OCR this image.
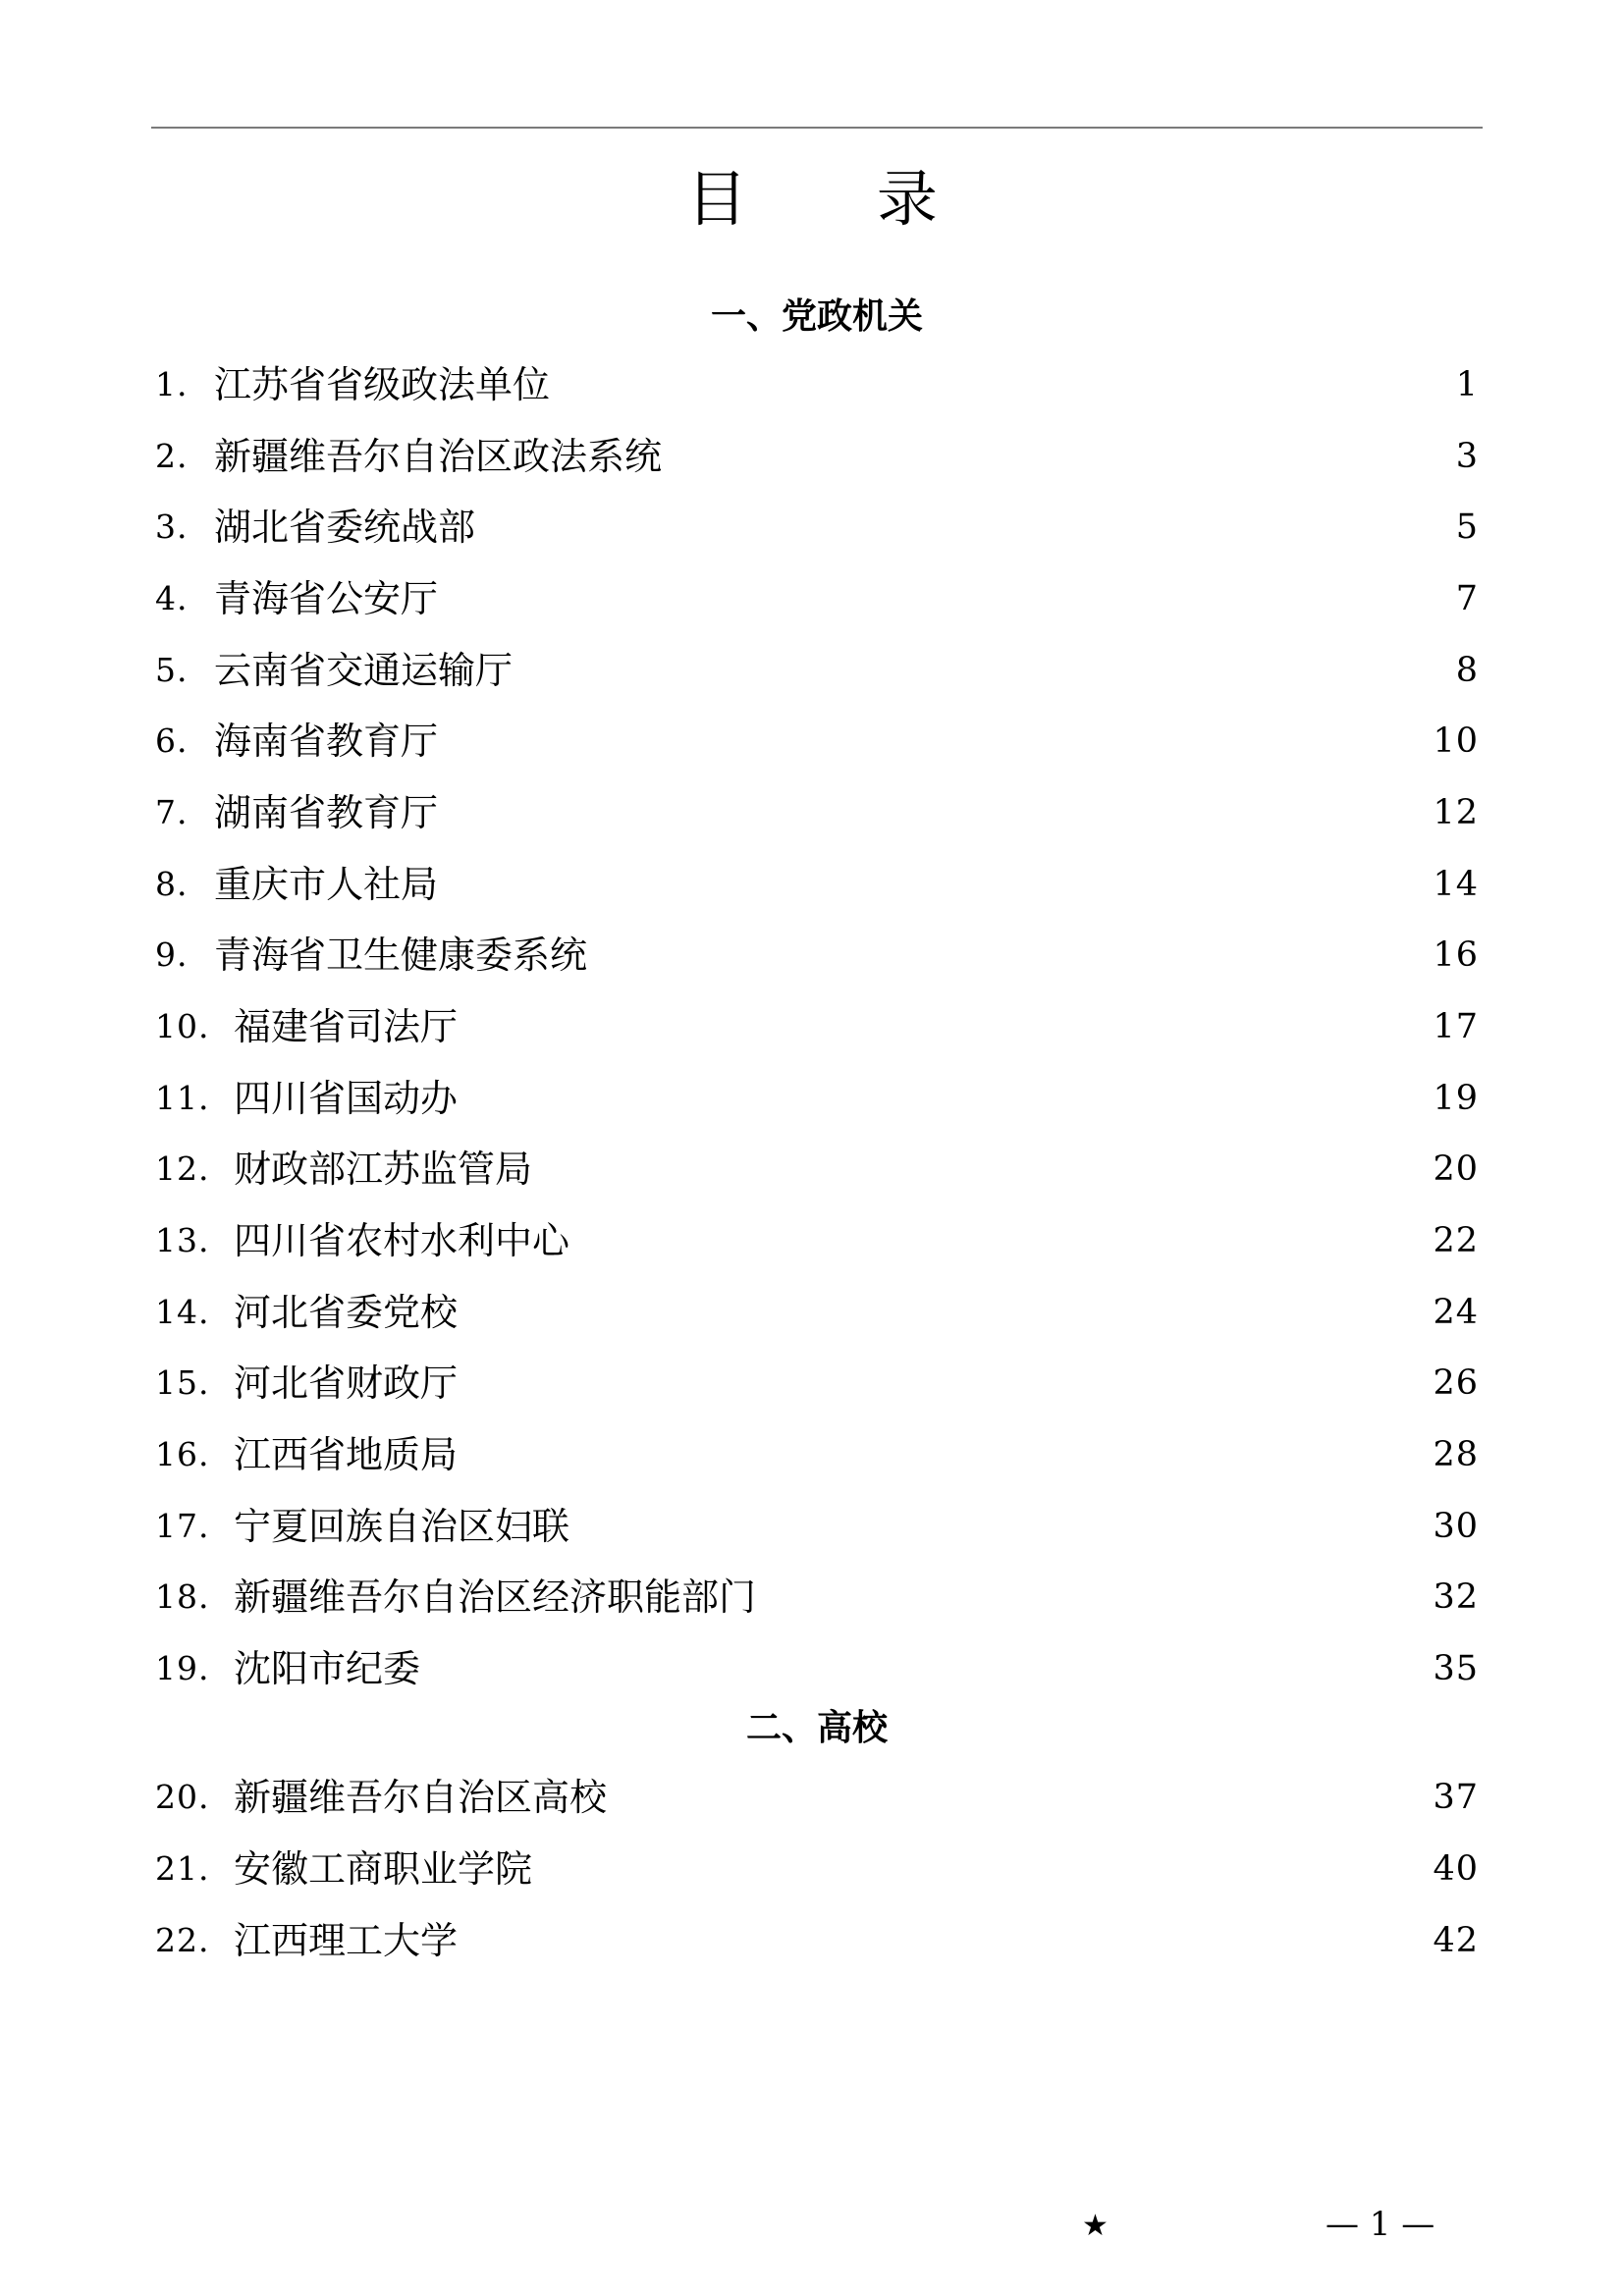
目 录
一、党政机关
1. 江苏省省级政法单位	1
2. 新疆维吾尔自治区政法系统	3
3. 湖北省委统战部	5
4. 青海省公安厅	7
5. 云南省交通运输厅	8
6. 海南省教育厅	10
7. 湖南省教育厅	12
8. 重庆市人社局	14
9. 青海省卫生健康委系统	16
10. 福建省司法厅	17
11. 四川省国动办	19
12. 财政部江苏监管局	20
13. 四川省农村水利中心	22
14. 河北省委党校	24
15. 河北省财政厅	26
16. 江西省地质局	28
17. 宁夏回族自治区妇联	30
18. 新疆维吾尔自治区经济职能部门	32
19. 沈阳市纪委	35
二、高校
20. 新疆维吾尔自治区高校	37
21. 安徽工商职业学院	40
22. 江西理工大学	42
★	— 1 —
